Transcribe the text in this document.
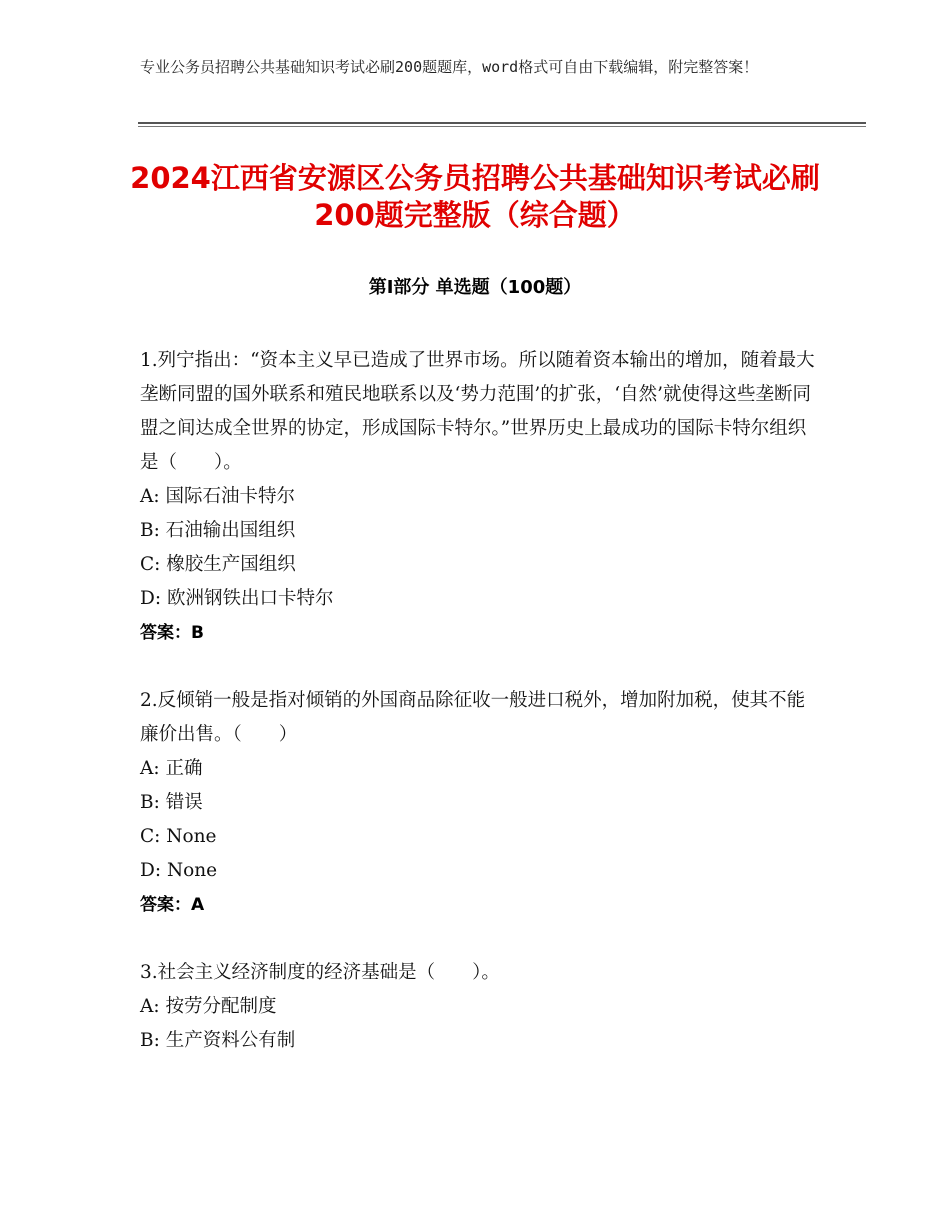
专业公务员招聘公共基础知识考试必刷200题题库，word格式可自由下载编辑，附完整答案！
2024江西省安源区公务员招聘公共基础知识考试必刷200题完整版（综合题）
第Ⅰ部分 单选题（100题）

1.列宁指出：“资本主义早已造成了世界市场。所以随着资本输出的增加，随着最大垄断同盟的国外联系和殖民地联系以及‘势力范围’的扩张，‘自然’就使得这些垄断同盟之间达成全世界的协定，形成国际卡特尔。”世界历史上最成功的国际卡特尔组织是（　　）。

A: 国际石油卡特尔

B: 石油输出国组织

C: 橡胶生产国组织

D: 欧洲钢铁出口卡特尔

答案：B

2.反倾销一般是指对倾销的外国商品除征收一般进口税外，增加附加税，使其不能廉价出售。（　　）

A: 正确

B: 错误

C: None

D: None

答案：A

3.社会主义经济制度的经济基础是（　　）。

A: 按劳分配制度

B: 生产资料公有制
